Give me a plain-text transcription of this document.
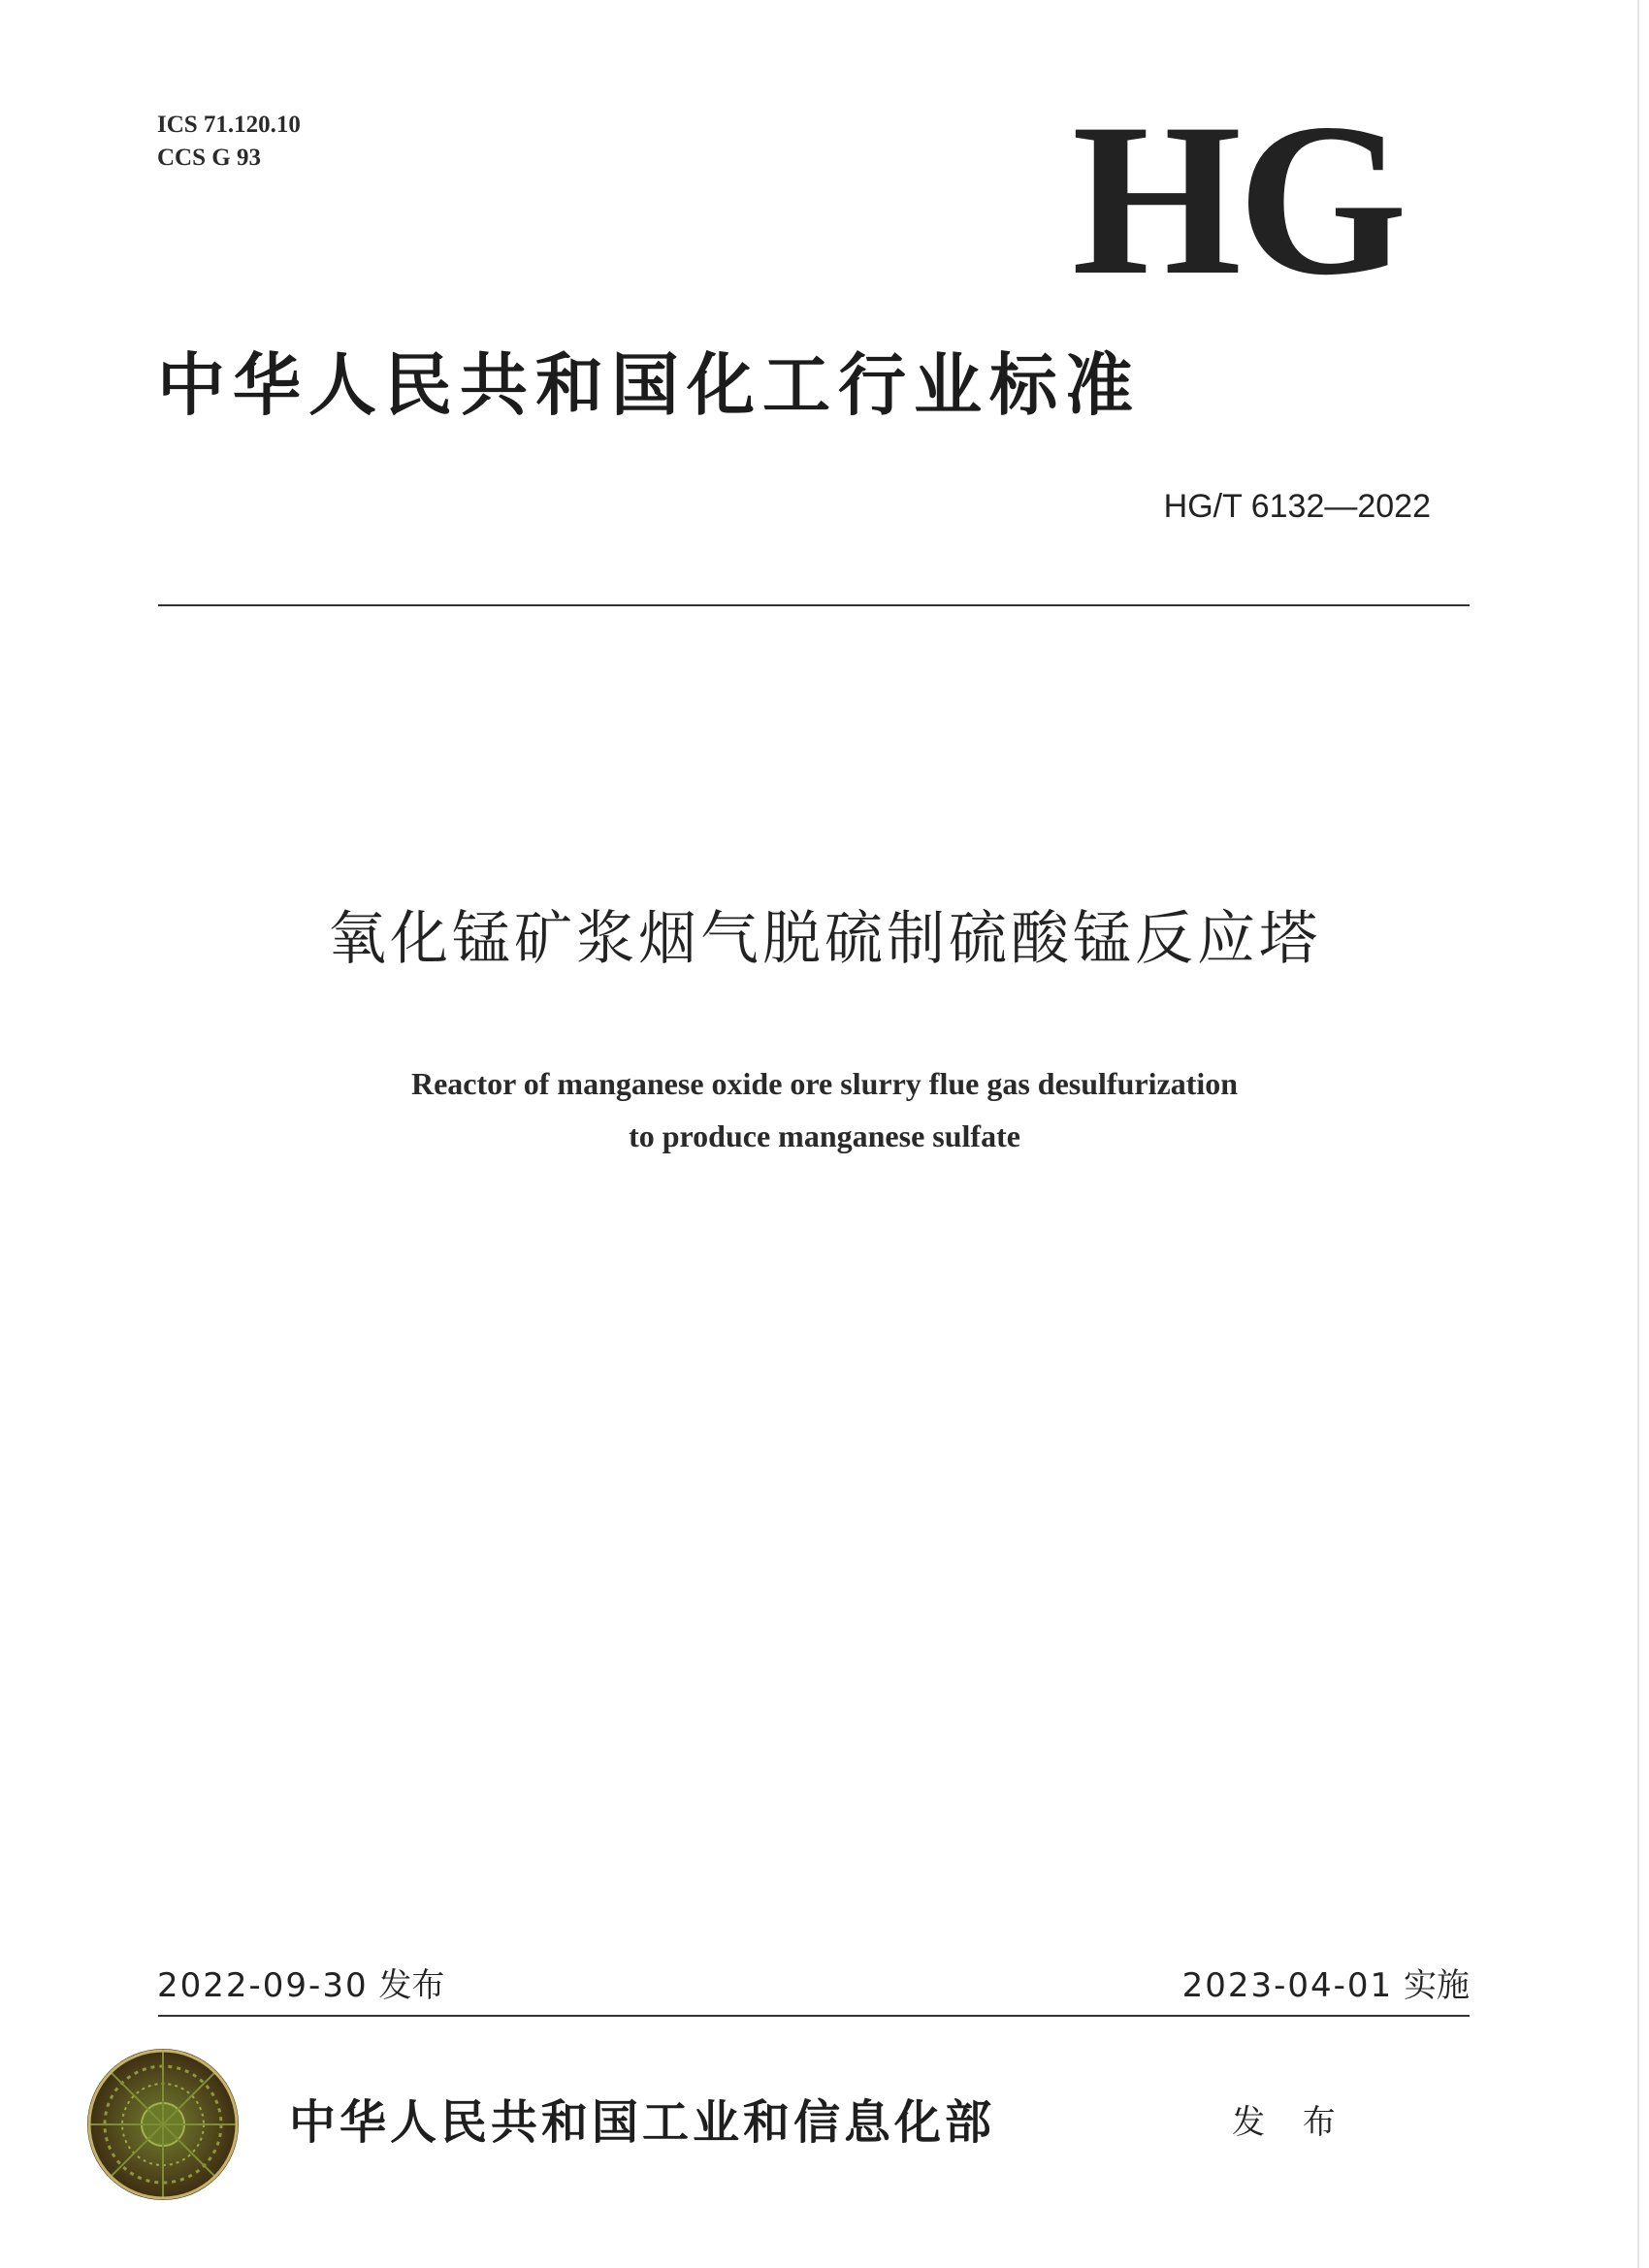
ICS 71.120.10
CCS G 93	HG
中华人民共和国化工行业标准
HG/T 6132—2022
氧化锰矿浆烟气脱硫制硫酸锰反应塔
Reactor of manganese oxide ore slurry flue gas desulfurization
to produce manganese sulfate
2022-09-30 发布	2023-04-01 实施
中华人民共和国工业和信息化部	发 布
